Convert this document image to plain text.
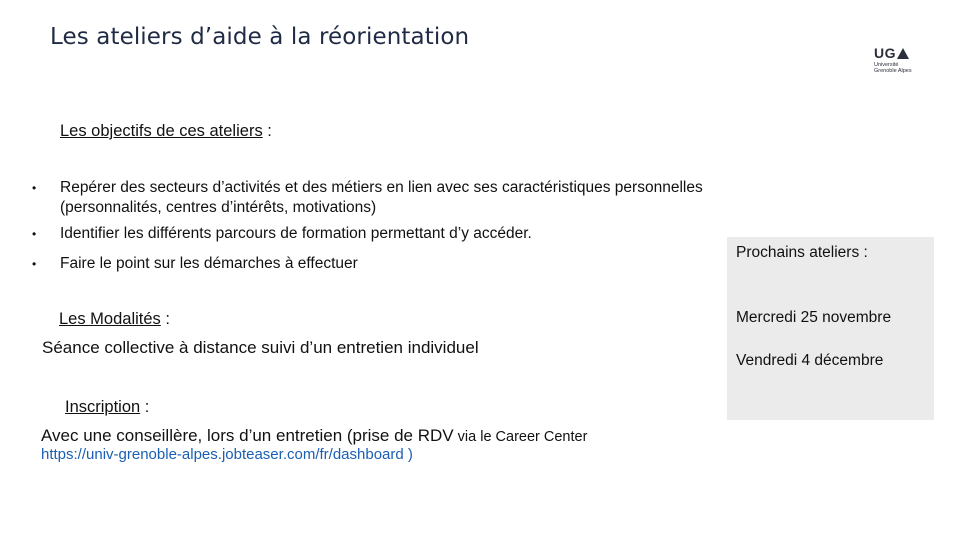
Les ateliers d’aide à la réorientation
UG
Université
Grenoble Alpes
Les objectifs de ces ateliers :
• Repérer des secteurs d’activités et des métiers en lien avec ses caractéristiques personnelles (personnalités, centres d’intérêts, motivations)
• Identifier les différents parcours de formation permettant d’y accéder.
• Faire le point sur les démarches à effectuer
Les Modalités :
Séance collective à distance suivi d’un entretien individuel
Inscription :
Avec une conseillère, lors d’un entretien (prise de RDV via le Career Center
https://univ-grenoble-alpes.jobteaser.com/fr/dashboard )
Prochains ateliers :
Mercredi 25 novembre
Vendredi 4 décembre
